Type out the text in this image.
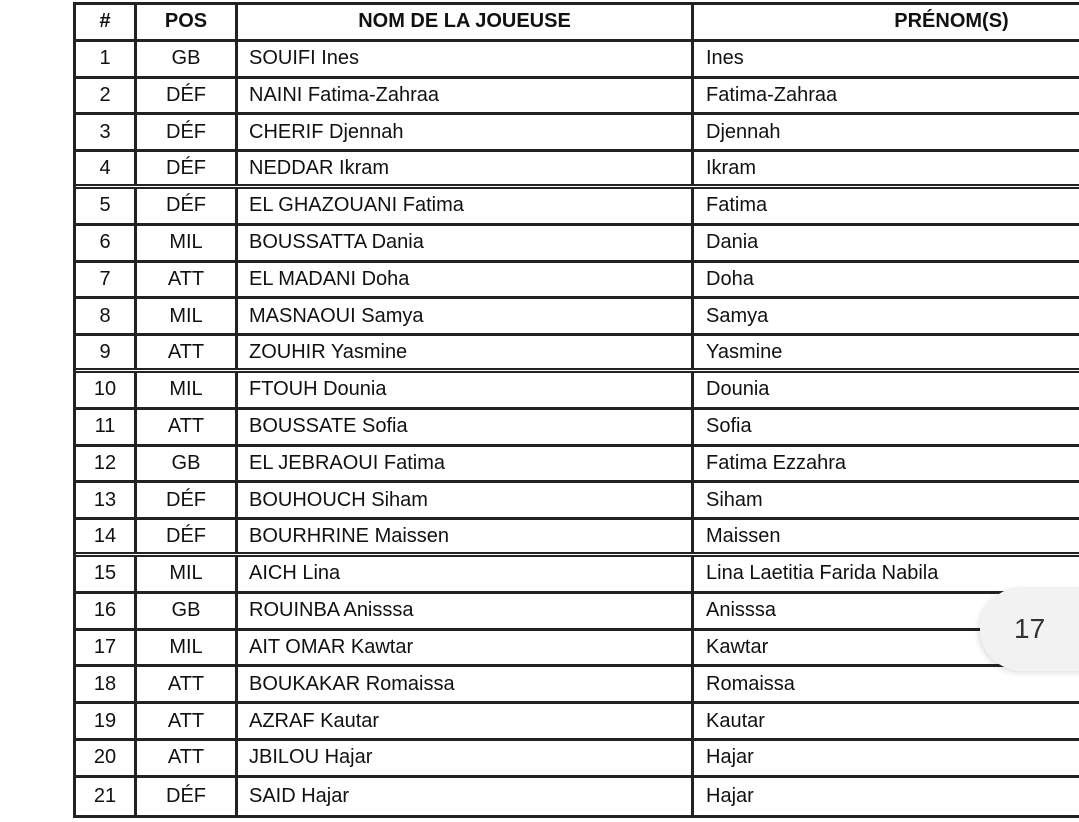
#	POS	NOM DE LA JOUEUSE	PRÉNOM(S)
1	GB	SOUIFI Ines	Ines
2	DÉF	NAINI Fatima-Zahraa	Fatima-Zahraa
3	DÉF	CHERIF Djennah	Djennah
4	DÉF	NEDDAR Ikram	Ikram
5	DÉF	EL GHAZOUANI Fatima	Fatima
6	MIL	BOUSSATTA Dania	Dania
7	ATT	EL MADANI Doha	Doha
8	MIL	MASNAOUI Samya	Samya
9	ATT	ZOUHIR Yasmine	Yasmine
10	MIL	FTOUH Dounia	Dounia
11	ATT	BOUSSATE Sofia	Sofia
12	GB	EL JEBRAOUI Fatima	Fatima Ezzahra
13	DÉF	BOUHOUCH Siham	Siham
14	DÉF	BOURHRINE Maissen	Maissen
15	MIL	AICH Lina	Lina Laetitia Farida Nabila
16	GB	ROUINBA Anisssa	Anisssa
17	MIL	AIT OMAR Kawtar	Kawtar
18	ATT	BOUKAKAR Romaissa	Romaissa
19	ATT	AZRAF Kautar	Kautar
20	ATT	JBILOU Hajar	Hajar
21	DÉF	SAID Hajar	Hajar
17
